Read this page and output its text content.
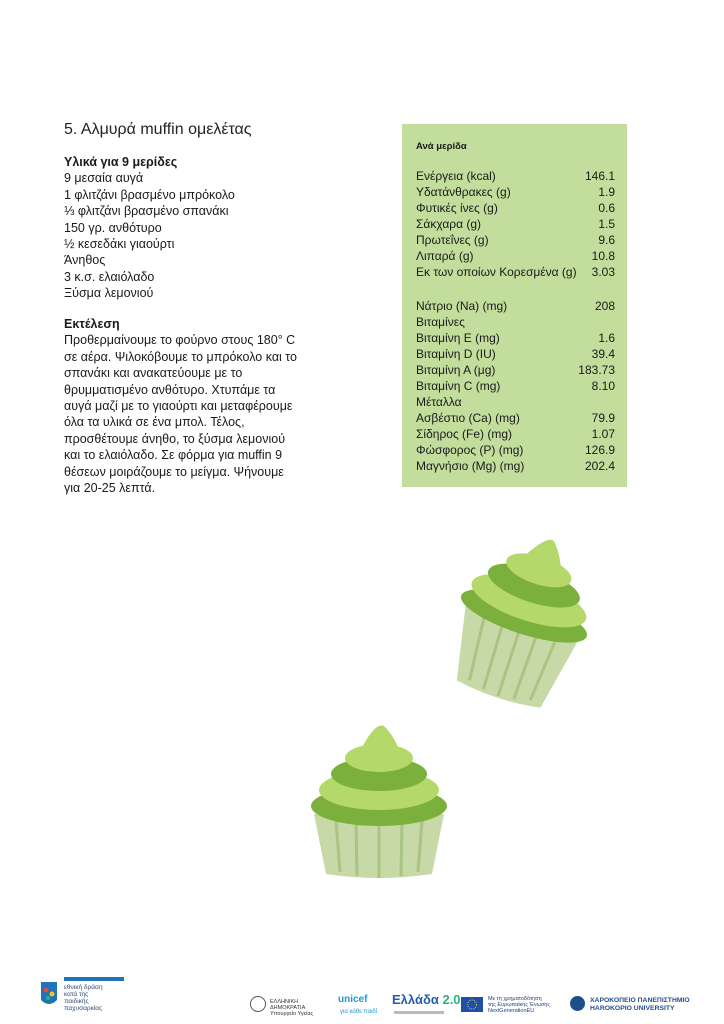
5. Αλμυρά muffin ομελέτας
Υλικά για 9 μερίδες
9 μεσαία αυγά
1 φλιτζάνι βρασμένο μπρόκολο
⅓ φλιτζάνι βρασμένο σπανάκι
150 γρ. ανθότυρο
½ κεσεδάκι γιαούρτι
Άνηθος
3 κ.σ. ελαιόλαδο
Ξύσμα λεμονιού
Εκτέλεση
Προθερμαίνουμε το φούρνο στους 180° C
σε αέρα. Ψιλοκόβουμε το μπρόκολο και το
σπανάκι και ανακατεύουμε με το
θρυμματισμένο ανθότυρο. Χτυπάμε τα
αυγά μαζί με το γιαούρτι και μεταφέρουμε
όλα τα υλικά σε ένα μπολ. Τέλος,
προσθέτουμε άνηθο, το ξύσμα λεμονιού
και το ελαιόλαδο. Σε φόρμα για muffin 9
θέσεων μοιράζουμε το μείγμα. Ψήνουμε
για 20-25 λεπτά.
Ανά μερίδα
Ενέργεια (kcal)	146.1
Υδατάνθρακες (g)	1.9
Φυτικές ίνες (g)	0.6
Σάκχαρα (g)	1.5
Πρωτεΐνες (g)	9.6
Λιπαρά (g)	10.8
Εκ των οποίων Κορεσμένα (g) 3.03
Νάτριο (Na) (mg)	208
Βιταμίνες
Βιταμίνη Ε (mg)	1.6
Βιταμίνη D (IU)	39.4
Βιταμίνη Α (μg)	183.73
Βιταμίνη C (mg)	8.10
Μέταλλα
Ασβέστιο (Ca) (mg)	79.9
Σίδηρος (Fe) (mg)	1.07
Φώσφορος (P) (mg)	126.9
Μαγνήσιο (Mg) (mg)	202.4
εθνική δράση
κατά της
παιδικής
παχυσαρκίας
ΕΛΛΗΝΙΚΗ ΔΗΜΟΚΡΑΤΙΑ
Υπουργείο Υγείας
unicef
για κάθε παιδί
Ελλάδα 2.0	Με τη χρηματοδότηση
της Ευρωπαϊκής Ένωσης
NextGenerationEU
ΧΑΡΟΚΟΠΕΙΟ ΠΑΝΕΠΙΣΤΗΜΙΟ
HAROKOPIO UNIVERSITY
